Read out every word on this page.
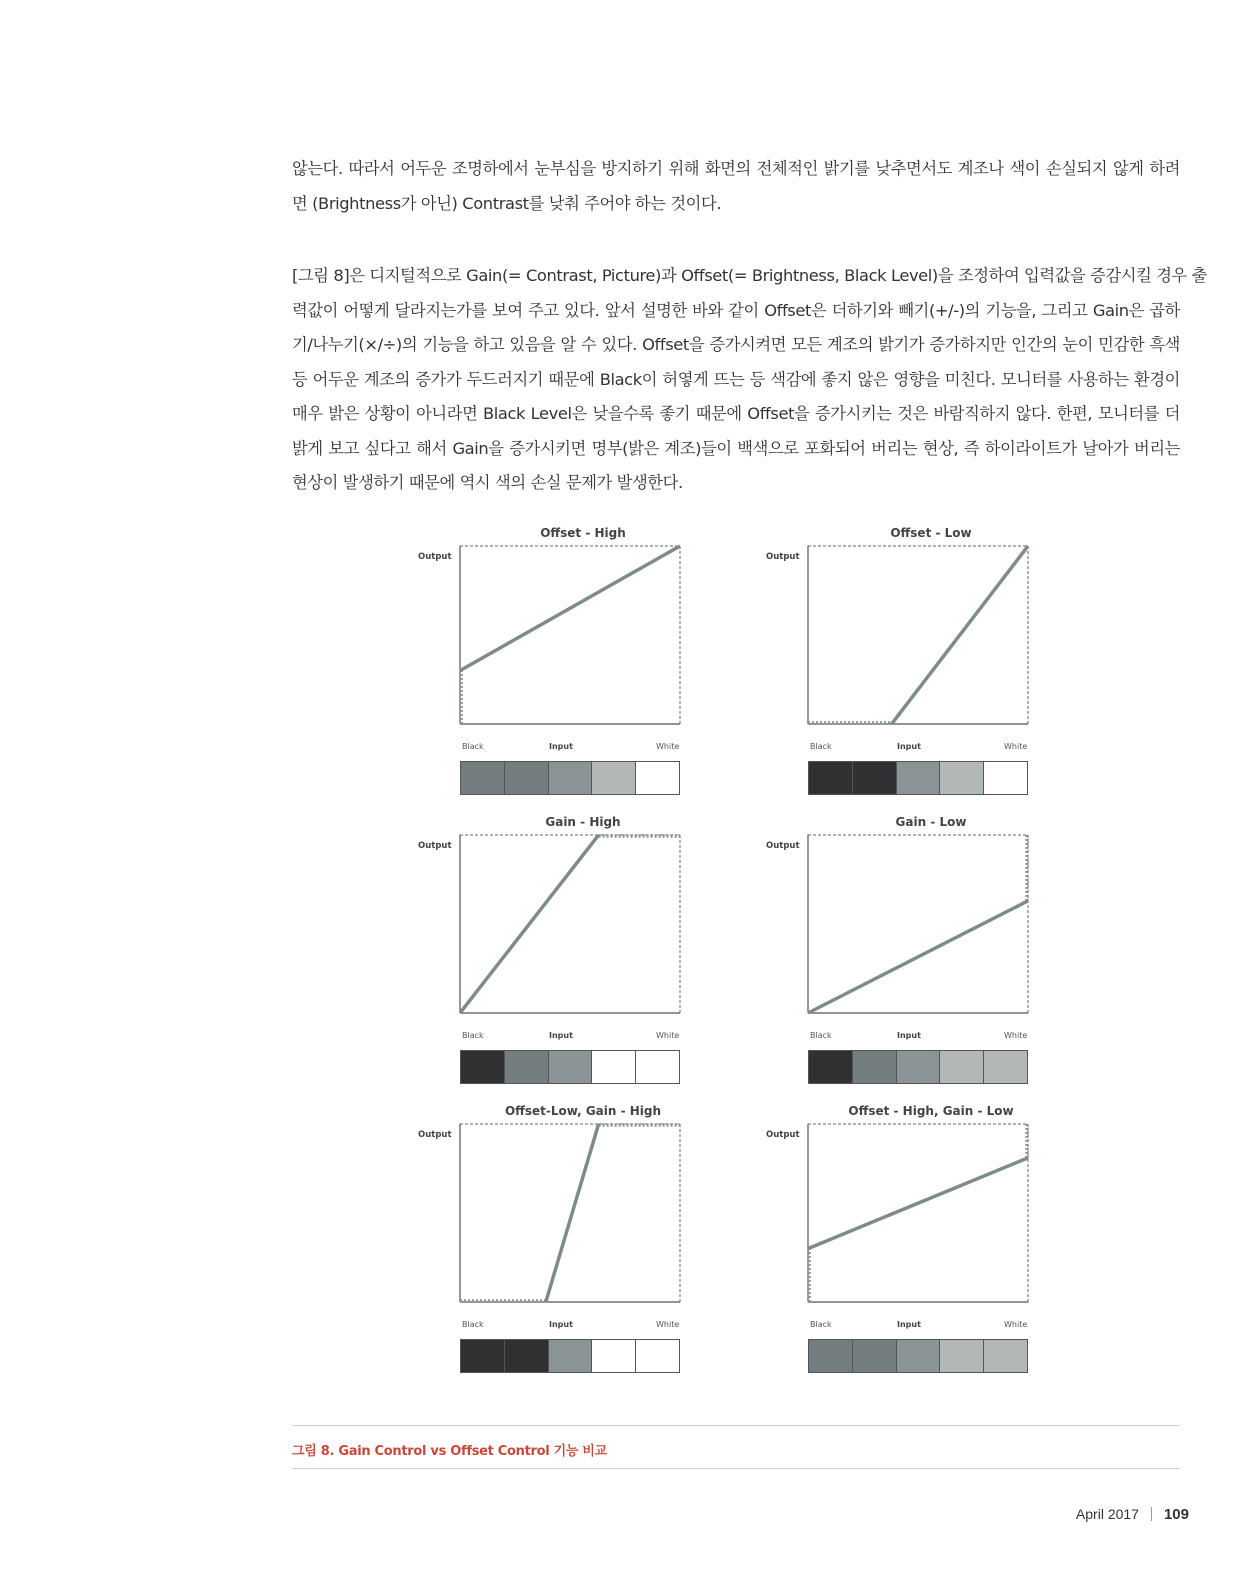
않는다. 따라서 어두운 조명하에서 눈부심을 방지하기 위해 화면의 전체적인 밝기를 낮추면서도 계조나 색이 손실되지 않게 하려
면 (Brightness가 아닌) Contrast를 낮춰 주어야 하는 것이다.
[그림 8]은 디지털적으로 Gain(= Contrast, Picture)과 Offset(= Brightness, Black Level)을 조정하여 입력값을 증감시킬 경우 출
력값이 어떻게 달라지는가를 보여 주고 있다. 앞서 설명한 바와 같이 Offset은 더하기와 빼기(+/-)의 기능을, 그리고 Gain은 곱하
기/나누기(×/÷)의 기능을 하고 있음을 알 수 있다. Offset을 증가시켜면 모든 계조의 밝기가 증가하지만 인간의 눈이 민감한 흑색
등 어두운 계조의 증가가 두드러지기 때문에 Black이 허옇게 뜨는 등 색감에 좋지 않은 영향을 미친다. 모니터를 사용하는 환경이
매우 밝은 상황이 아니라면 Black Level은 낮을수록 좋기 때문에 Offset을 증가시키는 것은 바람직하지 않다. 한편, 모니터를 더
밝게 보고 싶다고 해서 Gain을 증가시키면 명부(밝은 계조)들이 백색으로 포화되어 버리는 현상, 즉 하이라이트가 날아가 버리는
현상이 발생하기 때문에 역시 색의 손실 문제가 발생한다.
Offset - High
Output
Black	Input	White
Offset - Low
Output
Black	Input	White
Gain - High
Output
Black	Input	White
Gain - Low
Output
Black	Input	White
Offset-Low, Gain - High
Output
Black	Input	White
Offset - High, Gain - Low
Output
Black	Input	White
그림 8. Gain Control vs Offset Control 기능 비교
April 2017 109
